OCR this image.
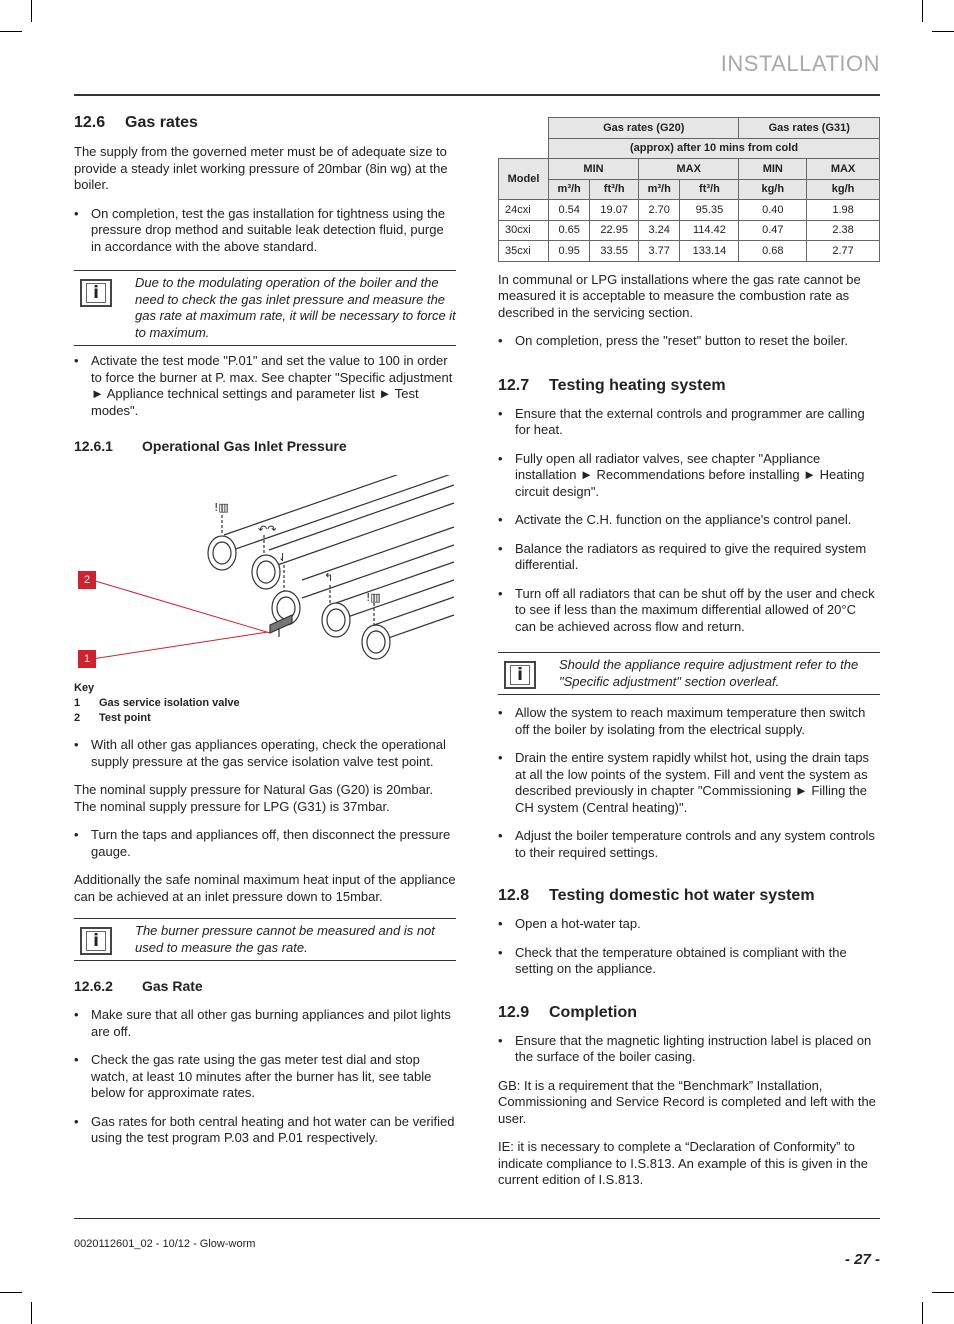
INSTALLATION
12.6	Gas rates

The supply from the governed meter must be of adequate size to provide a steady inlet working pressure of 20mbar (8in wg) at the boiler.

• On completion, test the gas installation for tightness using the pressure drop method and suitable leak detection fluid, purge in accordance with the above standard.
i
Due to the modulating operation of the boiler and the need to check the gas inlet pressure and measure the gas rate at maximum rate, it will be necessary to force it to maximum.
• Activate the test mode "P.01" and set the value to 100 in order to force the burner at P. max. See chapter "Specific adjustment ► Appliance technical settings and parameter list ► Test modes".
12.6.1	Operational Gas Inlet Pressure
!▥
↶↷
⇃
↰
!▥
2
1
Key
1	Gas service isolation valve
2	Test point
• With all other gas appliances operating, check the operational supply pressure at the gas service isolation valve test point.

The nominal supply pressure for Natural Gas (G20) is 20mbar.

The nominal supply pressure for LPG (G31) is 37mbar.

• Turn the taps and appliances off, then disconnect the pressure gauge.

Additionally the safe nominal maximum heat input of the appliance can be achieved at an inlet pressure down to 15mbar.

i
The burner pressure cannot be measured and is not used to measure the gas rate.
12.6.2	Gas Rate
• Make sure that all other gas burning appliances and pilot lights are off.
• Check the gas rate using the gas meter test dial and stop watch, at least 10 minutes after the burner has lit, see table below for approximate rates.
• Gas rates for both central heating and hot water can be verified using the test program P.03 and P.01 respectively.
	Gas rates (G20)				Gas rates (G31)	
	(approx) after 10 mins from cold					
Model	MIN		MAX		MIN	MAX
	m³/h	ft³/h	m³/h	ft³/h	kg/h	kg/h
24cxi	0.54	19.07	2.70	95.35	0.40	1.98
30cxi	0.65	22.95	3.24	114.42	0.47	2.38
35cxi	0.95	33.55	3.77	133.14	0.68	2.77

In communal or LPG installations where the gas rate cannot be measured it is acceptable to measure the combustion rate as described in the servicing section.

• On completion, press the "reset" button to reset the boiler.
12.7	Testing heating system
• Ensure that the external controls and programmer are calling for heat.
• Fully open all radiator valves, see chapter "Appliance installation ► Recommendations before installing ► Heating circuit design".
• Activate the C.H. function on the appliance's control panel.
• Balance the radiators as required to give the required system differential.
• Turn off all radiators that can be shut off by the user and check to see if less than the maximum differential allowed of 20°C can be achieved across flow and return.
i
Should the appliance require adjustment refer to the "Specific adjustment" section overleaf.
• Allow the system to reach maximum temperature then switch off the boiler by isolating from the electrical supply.
• Drain the entire system rapidly whilst hot, using the drain taps at all the low points of the system. Fill and vent the system as described previously in chapter "Commissioning ► Filling the CH system (Central heating)".
• Adjust the boiler temperature controls and any system controls to their required settings.
12.8	Testing domestic hot water system
• Open a hot-water tap.
• Check that the temperature obtained is compliant with the setting on the appliance.
12.9	Completion
• Ensure that the magnetic lighting instruction label is placed on the surface of the boiler casing.

GB: It is a requirement that the “Benchmark” Installation, Commissioning and Service Record is completed and left with the user.

IE: it is necessary to complete a “Declaration of Conformity” to indicate compliance to I.S.813. An example of this is given in the current edition of I.S.813.

0020112601_02 - 10/12 - Glow-worm
- 27 -
